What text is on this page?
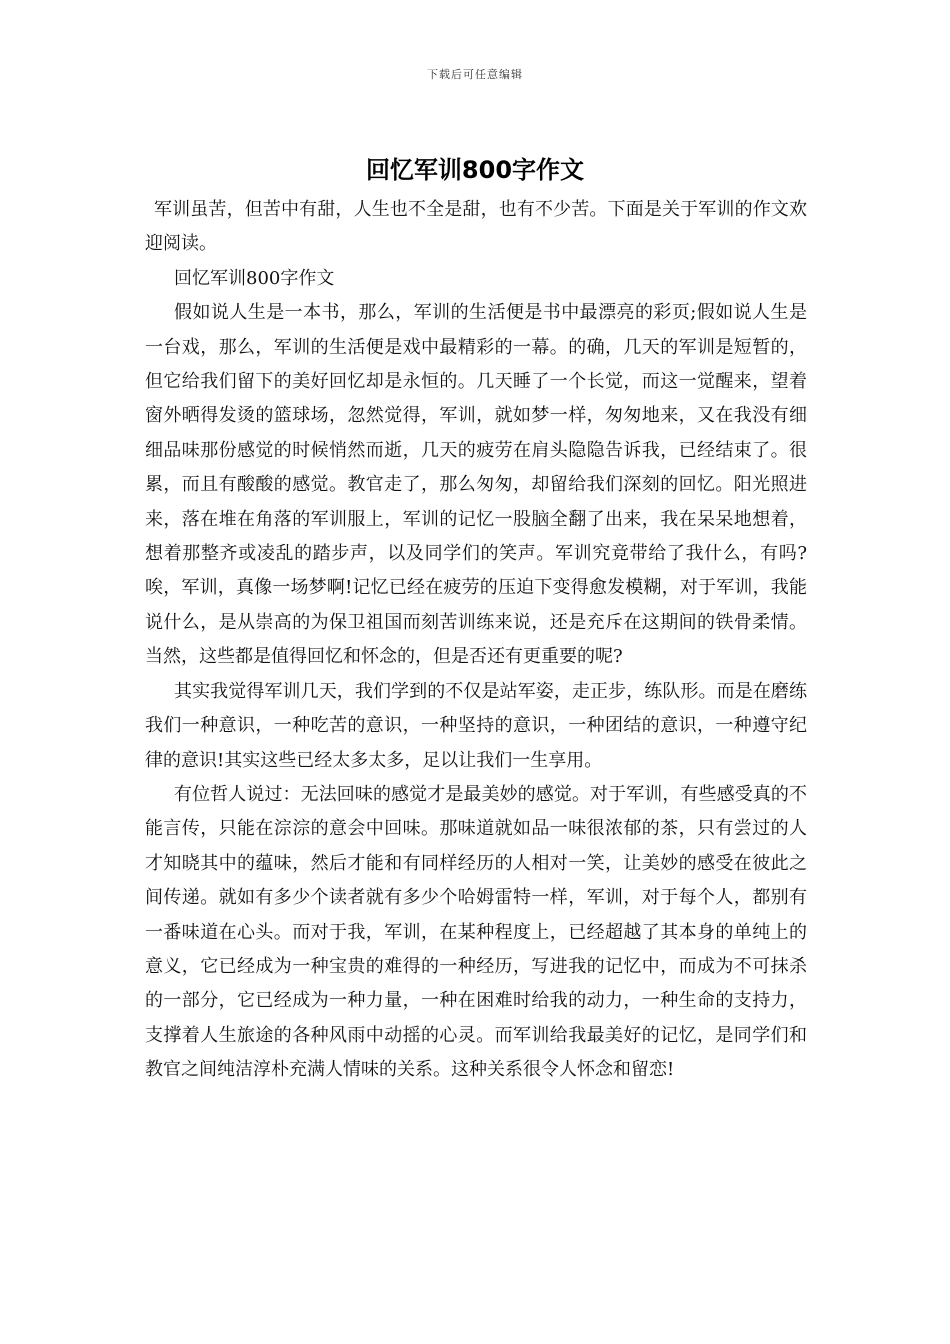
下载后可任意编辑
回忆军训800字作文

军训虽苦，但苦中有甜，人生也不全是甜，也有不少苦。下面是关于军训的作文欢迎阅读。

回忆军训800字作文

假如说人生是一本书，那么，军训的生活便是书中最漂亮的彩页;假如说人生是一台戏，那么，军训的生活便是戏中最精彩的一幕。的确，几天的军训是短暂的，但它给我们留下的美好回忆却是永恒的。几天睡了一个长觉，而这一觉醒来，望着窗外晒得发烫的篮球场，忽然觉得，军训，就如梦一样，匆匆地来，又在我没有细细品味那份感觉的时候悄然而逝，几天的疲劳在肩头隐隐告诉我，已经结束了。很累，而且有酸酸的感觉。教官走了，那么匆匆，却留给我们深刻的回忆。阳光照进来，落在堆在角落的军训服上，军训的记忆一股脑全翻了出来，我在呆呆地想着，想着那整齐或凌乱的踏步声，以及同学们的笑声。军训究竟带给了我什么，有吗?唉，军训，真像一场梦啊!记忆已经在疲劳的压迫下变得愈发模糊，对于军训，我能说什么，是从崇高的为保卫祖国而刻苦训练来说，还是充斥在这期间的铁骨柔情。当然，这些都是值得回忆和怀念的，但是否还有更重要的呢?

其实我觉得军训几天，我们学到的不仅是站军姿，走正步，练队形。而是在磨练我们一种意识，一种吃苦的意识，一种坚持的意识，一种团结的意识，一种遵守纪律的意识!其实这些已经太多太多，足以让我们一生享用。

有位哲人说过：无法回味的感觉才是最美妙的感觉。对于军训，有些感受真的不能言传，只能在淙淙的意会中回味。那味道就如品一味很浓郁的茶，只有尝过的人才知晓其中的蕴味，然后才能和有同样经历的人相对一笑，让美妙的感受在彼此之间传递。就如有多少个读者就有多少个哈姆雷特一样，军训，对于每个人，都别有一番味道在心头。而对于我，军训，在某种程度上，已经超越了其本身的单纯上的意义，它已经成为一种宝贵的难得的一种经历，写进我的记忆中，而成为不可抹杀的一部分，它已经成为一种力量，一种在困难时给我的动力，一种生命的支持力，支撑着人生旅途的各种风雨中动摇的心灵。而军训给我最美好的记忆，是同学们和教官之间纯洁淳朴充满人情味的关系。这种关系很令人怀念和留恋!
